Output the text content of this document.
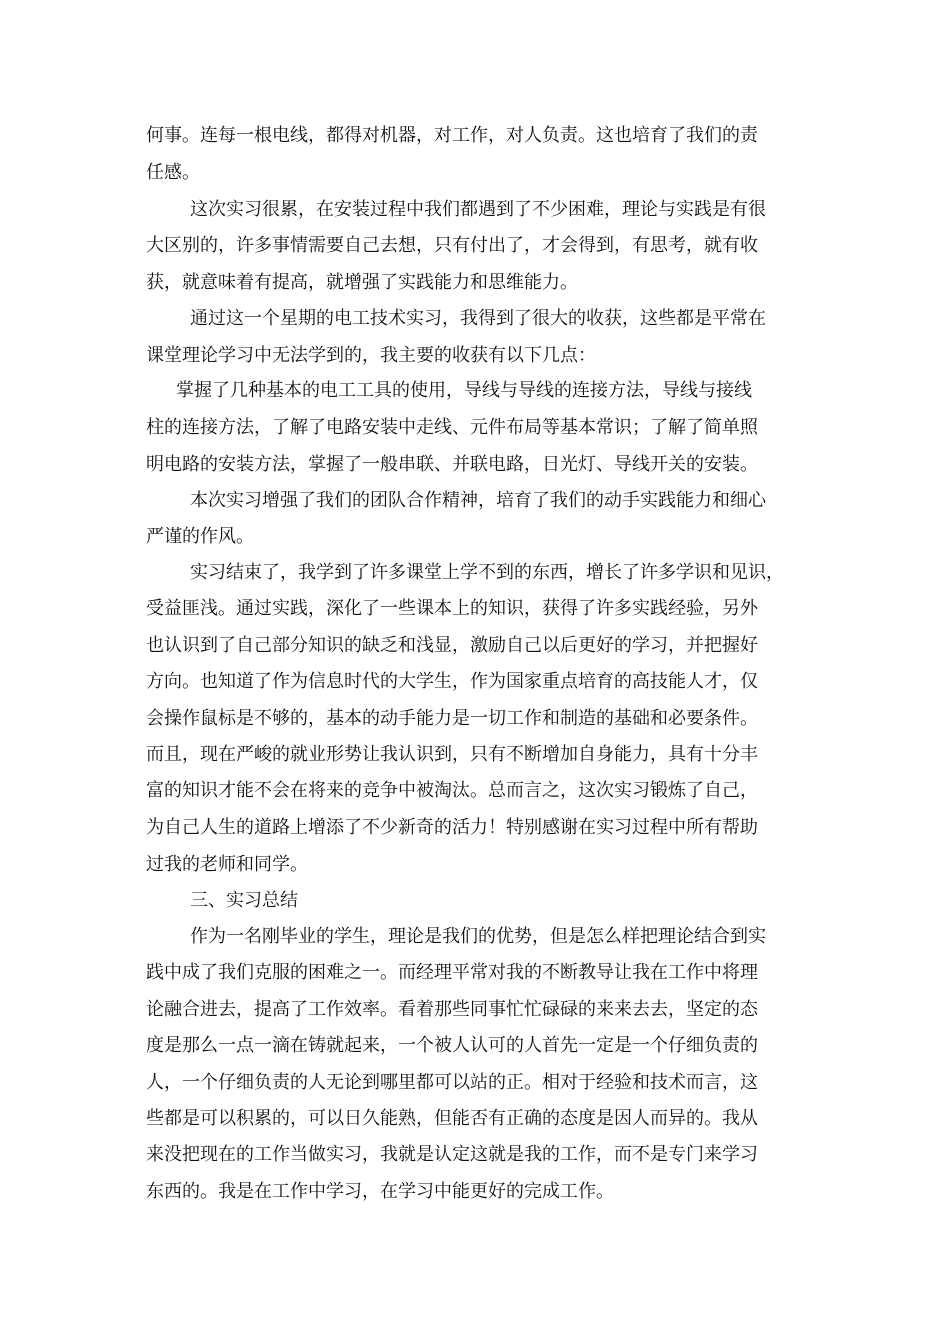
何事。连每一根电线，都得对机器，对工作，对人负责。这也培育了我们的责
任感。
这次实习很累，在安装过程中我们都遇到了不少困难，理论与实践是有很
大区别的，许多事情需要自己去想，只有付出了，才会得到，有思考，就有收
获，就意味着有提高，就增强了实践能力和思维能力。
通过这一个星期的电工技术实习，我得到了很大的收获，这些都是平常在
课堂理论学习中无法学到的，我主要的收获有以下几点：
掌握了几种基本的电工工具的使用，导线与导线的连接方法，导线与接线
柱的连接方法，了解了电路安装中走线、元件布局等基本常识；了解了简单照
明电路的安装方法，掌握了一般串联、并联电路，日光灯、导线开关的安装。
本次实习增强了我们的团队合作精神，培育了我们的动手实践能力和细心
严谨的作风。
实习结束了，我学到了许多课堂上学不到的东西，增长了许多学识和见识，
受益匪浅。通过实践，深化了一些课本上的知识，获得了许多实践经验，另外
也认识到了自己部分知识的缺乏和浅显，激励自己以后更好的学习，并把握好
方向。也知道了作为信息时代的大学生，作为国家重点培育的高技能人才，仅
会操作鼠标是不够的，基本的动手能力是一切工作和制造的基础和必要条件。
而且，现在严峻的就业形势让我认识到，只有不断增加自身能力，具有十分丰
富的知识才能不会在将来的竞争中被淘汰。总而言之，这次实习锻炼了自己，
为自己人生的道路上增添了不少新奇的活力！特别感谢在实习过程中所有帮助
过我的老师和同学。
三、实习总结
作为一名刚毕业的学生，理论是我们的优势，但是怎么样把理论结合到实
践中成了我们克服的困难之一。而经理平常对我的不断教导让我在工作中将理
论融合进去，提高了工作效率。看着那些同事忙忙碌碌的来来去去，坚定的态
度是那么一点一滴在铸就起来，一个被人认可的人首先一定是一个仔细负责的
人，一个仔细负责的人无论到哪里都可以站的正。相对于经验和技术而言，这
些都是可以积累的，可以日久能熟，但能否有正确的态度是因人而异的。我从
来没把现在的工作当做实习，我就是认定这就是我的工作，而不是专门来学习
东西的。我是在工作中学习，在学习中能更好的完成工作。
